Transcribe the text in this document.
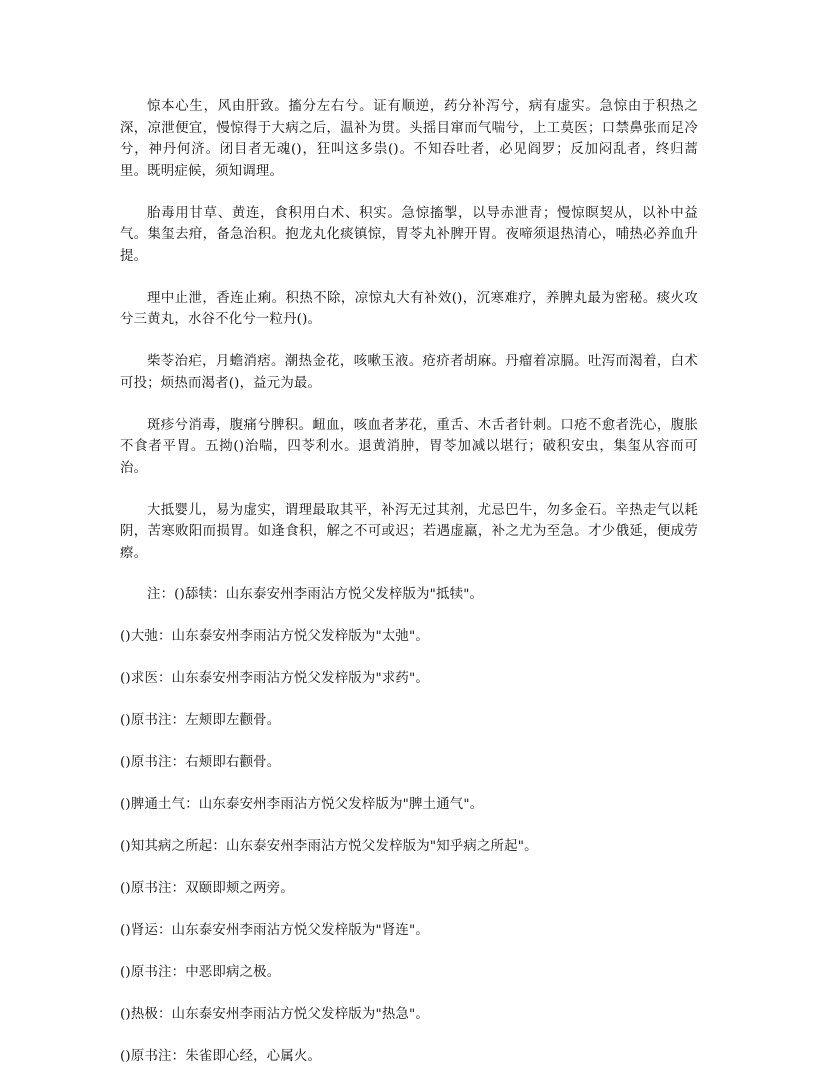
惊本心生，风由肝致。搐分左右兮。证有顺逆，药分补泻兮，病有虚实。急惊由于积热之深，凉泄便宜，慢惊得于大病之后，温补为贯。头摇目窜而气喘兮，上工莫医；口禁鼻张而足冷兮，神丹何济。闭目者无魂()，狂叫这多祟()。不知吞吐者，必见阎罗；反加闷乱者，终归蒿里。既明症候，须知调理。

胎毒用甘草、黄连，食积用白术、积实。急惊搐掣，以导赤泄青；慢惊瞑契从，以补中益气。集玺去疳，备急治积。抱龙丸化痰镇惊，胃苓丸补脾开胃。夜啼须退热清心，哺热必养血升提。

理中止泄，香连止痢。积热不除，凉惊丸大有补效()，沉寒难疗，养脾丸最为密秘。痰火攻兮三黄丸，水谷不化兮一粒丹()。

柴苓治疟，月蟾消痞。潮热金花，咳嗽玉液。疮疥者胡麻。丹瘤着凉膈。吐泻而渴着，白术可投；烦热而渴者()，益元为最。

斑疹兮消毒，腹痛兮脾积。衄血，咳血者茅花，重舌、木舌者针刺。口疮不愈者洗心，腹胀不食者平胃。五拗()治喘，四苓利水。退黄消肿，胃苓加减以堪行；破积安虫，集玺从容而可治。

大抵婴儿，易为虚实，谓理最取其平，补泻无过其剂，尤忌巴牛，勿多金石。辛热走气以耗阴，苦寒败阳而损胃。如逢食积，解之不可或迟；若遇虚羸，补之尤为至急。才少俄延，便成劳瘵。

注：()舔犊：山东泰安州李雨沾方悦父发梓版为"抵犊"。

()大弛：山东泰安州李雨沾方悦父发梓版为"太弛"。

()求医：山东泰安州李雨沾方悦父发梓版为"求药"。

()原书注：左颊即左颧骨。

()原书注：右颊即右颧骨。

()脾通土气：山东泰安州李雨沾方悦父发梓版为"脾土通气"。

()知其病之所起：山东泰安州李雨沾方悦父发梓版为"知乎病之所起"。

()原书注：双颐即颊之两旁。

()肾运：山东泰安州李雨沾方悦父发梓版为"肾连"。

()原书注：中恶即病之极。

()热极：山东泰安州李雨沾方悦父发梓版为"热急"。

()原书注：朱雀即心经，心属火。
